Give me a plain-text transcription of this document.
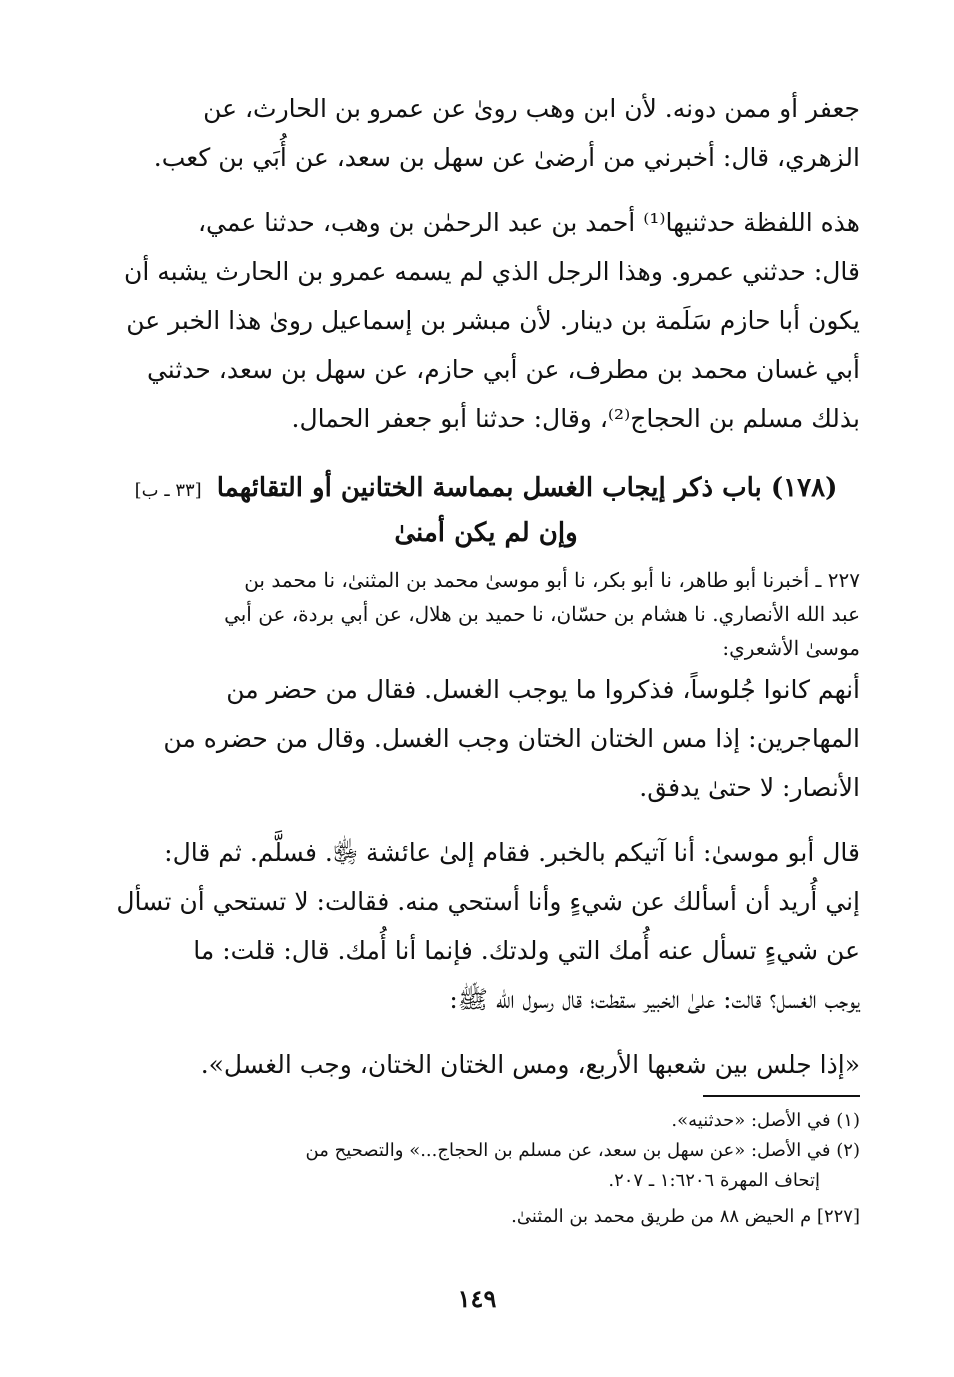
جعفر أو ممن دونه. لأن ابن وهب رویٰ عن عمرو بن الحارث، عن
الزهري، قال: أخبرني من أرضیٰ عن سهل بن سعد، عن أُبَي بن كعب.

هذه اللفظة حدثنيها⁽¹⁾ أحمد بن عبد الرحمٰن بن وهب، حدثنا عمي،
قال: حدثني عمرو. وهذا الرجل الذي لم يسمه عمرو بن الحارث يشبه أن
يكون أبا حازم سَلَمة بن دينار. لأن مبشر بن إسماعيل رویٰ هذا الخبر عن
أبي غسان محمد بن مطرف، عن أبي حازم، عن سهل بن سعد، حدثني
بذلك مسلم بن الحجاج⁽²⁾، وقال: حدثنا أبو جعفر الحمال.

(١٧٨) باب ذكر إيجاب الغسل بمماسة الختانين أو التقائهما [٣٣ ـ ب]
وإن لم يكن أمنیٰ
٢٢٧ ـ أخبرنا أبو طاهر، نا أبو بكر، نا أبو موسیٰ محمد بن المثنیٰ، نا محمد بن
عبد الله الأنصاري. نا هشام بن حسّان، نا حميد بن هلال، عن أبي بردة، عن أبي
موسیٰ الأشعري:

أنهم كانوا جُلوساً، فذكروا ما يوجب الغسل. فقال من حضر من
المهاجرين: إذا مس الختان الختان وجب الغسل. وقال من حضره من
الأنصار: لا حتیٰ يدفق.

قال أبو موسیٰ: أنا آتيكم بالخبر. فقام إلیٰ عائشة ﵂. فسلَّم. ثم قال:
إني أُريد أن أسألك عن شيءٍ وأنا أستحي منه. فقالت: لا تستحي أن تسأل
عن شيءٍ تسأل عنه أُمك التي ولدتك. فإنما أنا أُمك. قال: قلت: ما
يوجب الغسل؟ قالت: علیٰ الخبير سقطت؛ قال رسول الله ﷺ:

«إذا جلس بين شعبها الأربع، ومس الختان الختان، وجب الغسل».

(١) في الأصل: «حدثنيه».
(٢) في الأصل: «عن سهل بن سعد، عن مسلم بن الحجاج...» والتصحيح من
إتحاف المهرة ١:٦٢٠٦ ـ ٢٠٧.
[٢٢٧] م الحيض ٨٨ من طريق محمد بن المثنیٰ.
١٤٩
